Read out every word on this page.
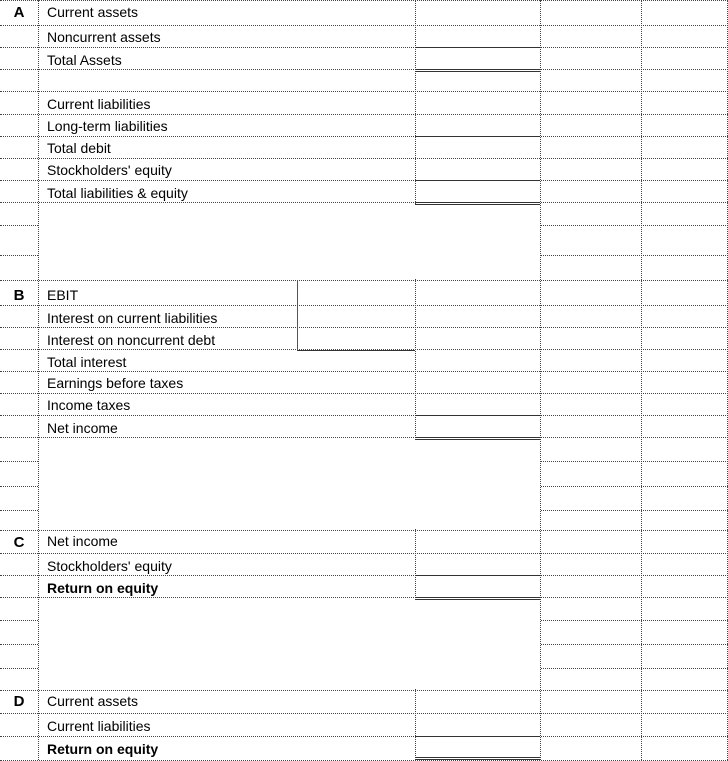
A	Current assets
Noncurrent assets
Total Assets
Current liabilities
Long-term liabilities
Total debit
Stockholders' equity
Total liabilities & equity
B	EBIT
Interest on current liabilities
Interest on noncurrent debt
Total interest
Earnings before taxes
Income taxes
Net income
C	Net income
Stockholders' equity
Return on equity
D	Current assets
Current liabilities
Return on equity
